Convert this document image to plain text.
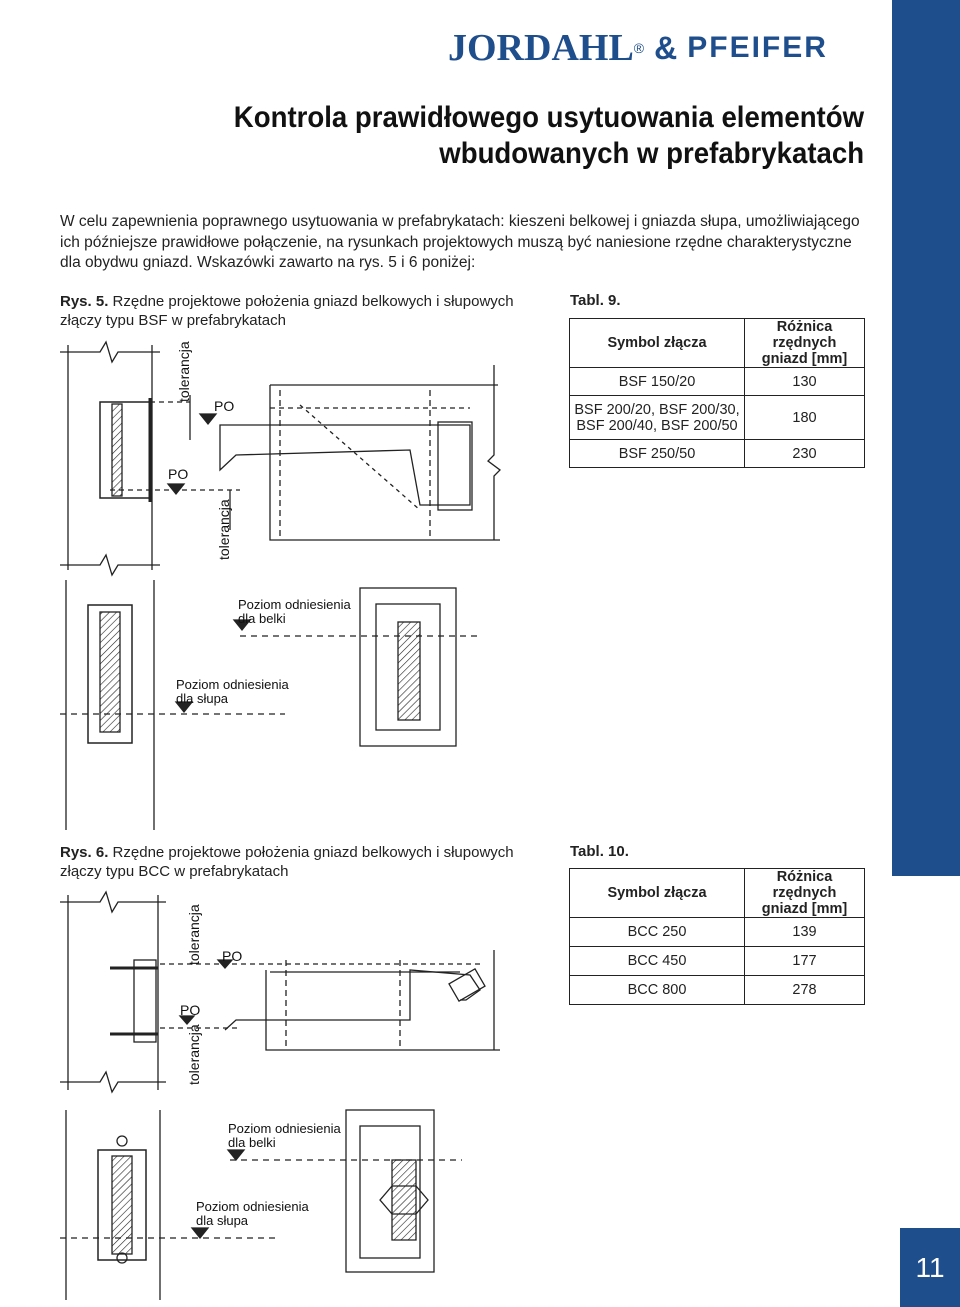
11
JORDAHL ® & PFEIFER
Kontrola prawidłowego usytuowania elementów
wbudowanych w prefabrykatach
W celu zapewnienia poprawnego usytuowania w prefabrykatach: kieszeni belkowej i gniazda słupa, umożliwiającego ich późniejsze prawidłowe połączenie, na rysunkach projektowych muszą być naniesione rzędne charakterystyczne dla obydwu gniazd. Wskazówki zawarto na rys. 5 i 6 poniżej:
Rys. 5. Rzędne projektowe położenia gniazd belkowych i słupowych złączy typu BSF w prefabrykatach
Tabl. 9.
Symbol złącza	Różnica rzędnych gniazd [mm]
BSF 150/20	130
BSF 200/20, BSF 200/30, BSF 200/40, BSF 200/50	180
BSF 250/50	230
Rys. 6. Rzędne projektowe położenia gniazd belkowych i słupowych złączy typu BCC w prefabrykatach
Tabl. 10.
Symbol złącza	Różnica rzędnych gniazd [mm]
BCC 250	139
BCC 450	177
BCC 800	278
tolerancja
tolerancja
PO
PO
Poziom odniesienia dla belki
Poziom odniesienia dla słupa
tolerancja
tolerancja
PO
PO
Poziom odniesienia dla belki
Poziom odniesienia dla słupa
